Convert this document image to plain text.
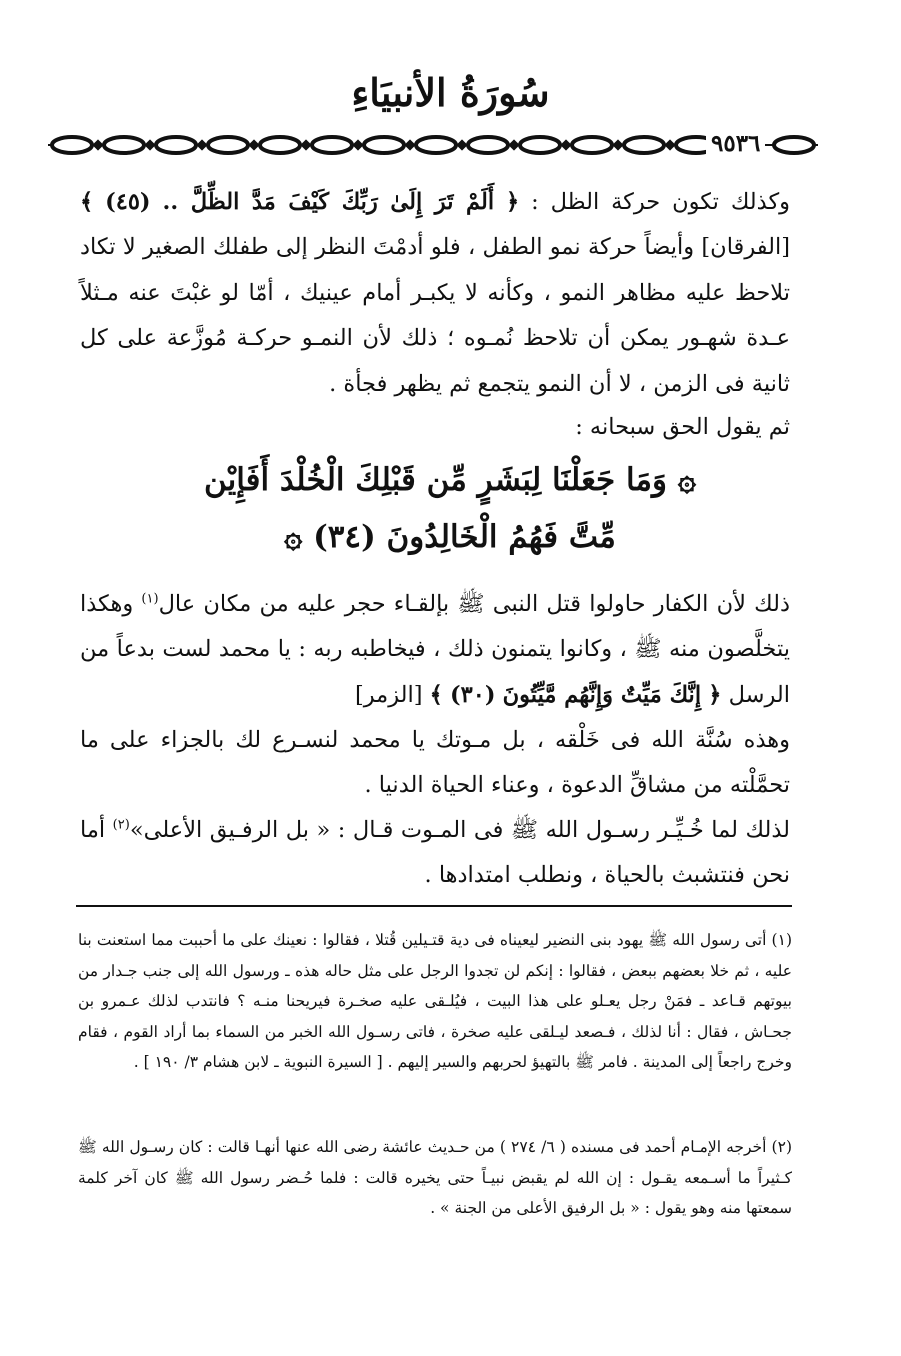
سُورَةُ الأنبيَاءِ
٩٥٣٦

وكذلك تكون حركة الظل : ﴿ أَلَمْ تَرَ إِلَىٰ رَبِّكَ كَيْفَ مَدَّ الظِّلَّ .. (٤٥) ﴾ [الفرقان] وأيضاً حركة نمو الطفل ، فلو أدمْتَ النظر إلى طفلك الصغير لا تكاد تلاحظ عليه مظاهر النمو ، وكأنه لا يكبـر أمام عينيك ، أمّا لو غبْتَ عنه مـثلاً عـدة شهـور يمكن أن تلاحظ نُمـوه ؛ ذلك لأن النمـو حركـة مُوزَّعة على كل ثانية فى الزمن ، لا أن النمو يتجمع ثم يظهر فجأة .

ثم يقول الحق سبحانه :

۞ وَمَا جَعَلْنَا لِبَشَرٍ مِّن قَبْلِكَ الْخُلْدَ أَفَإِيْن
مِّتَّ فَهُمُ الْخَالِدُونَ (٣٤) ۞

ذلك لأن الكفار حاولوا قتل النبى ﷺ بإلقـاء حجر عليه من مكان عال$^{(١)}$ وهكذا يتخلَّصون منه ﷺ ، وكانوا يتمنون ذلك ، فيخاطبه ربه : يا محمد لست بدعاً من الرسل ﴿ إِنَّكَ مَيِّتٌ وَإِنَّهُم مَّيِّتُونَ (٣٠) ﴾ [الزمر]

وهذه سُنَّة الله فى خَلْقه ، بل مـوتك يا محمد لنسـرع لك بالجزاء على ما تحمَّلْته من مشاقِّ الدعوة ، وعناء الحياة الدنيا .

لذلك لما خُـيِّـر رسـول الله ﷺ فى المـوت قـال : « بل الرفـيق الأعلى»$^{(٢)}$ أما نحن فنتشبث بالحياة ، ونطلب امتدادها .

(١) أتى رسول الله ﷺ يهود بنى النضير ليعيناه فى دية قتـيلين قُتلا ، فقالوا : نعينك على ما أحببت مما استعنت بنا عليه ، ثم خلا بعضهم ببعض ، فقالوا : إنكم لن تجدوا الرجل على مثل حاله هذه ـ ورسول الله إلى جنب جـدار من بيوتهم قـاعد ـ فمَنْ رجل يعـلو على هذا البيت ، فيُلـقى عليه صخـرة فيريحنا منـه ؟ فانتدب لذلك عـمرو بن جحـاش ، فقال : أنا لذلك ، فـصعد ليـلقى عليه صخرة ، فاتى رسـول الله الخبر من السماء بما أراد القوم ، فقام وخرج راجعاً إلى المدينة . فامر ﷺ بالتهيؤ لحربهم والسير إليهم . [ السيرة النبوية ـ لابن هشام ٣/ ١٩٠ ] .

(٢) أخرجه الإمـام أحمد فى مسنده ( ٦/ ٢٧٤ ) من حـديث عائشة رضى الله عنها أنهـا قالت : كان رسـول الله ﷺ كـثيراً ما أسـمعه يقـول : إن الله لم يقبض نبيـاً حتى يخيره قالت : فلما حُـضر رسول الله ﷺ كان آخر كلمة سمعتها منه وهو يقول : « بل الرفيق الأعلى من الجنة » .
